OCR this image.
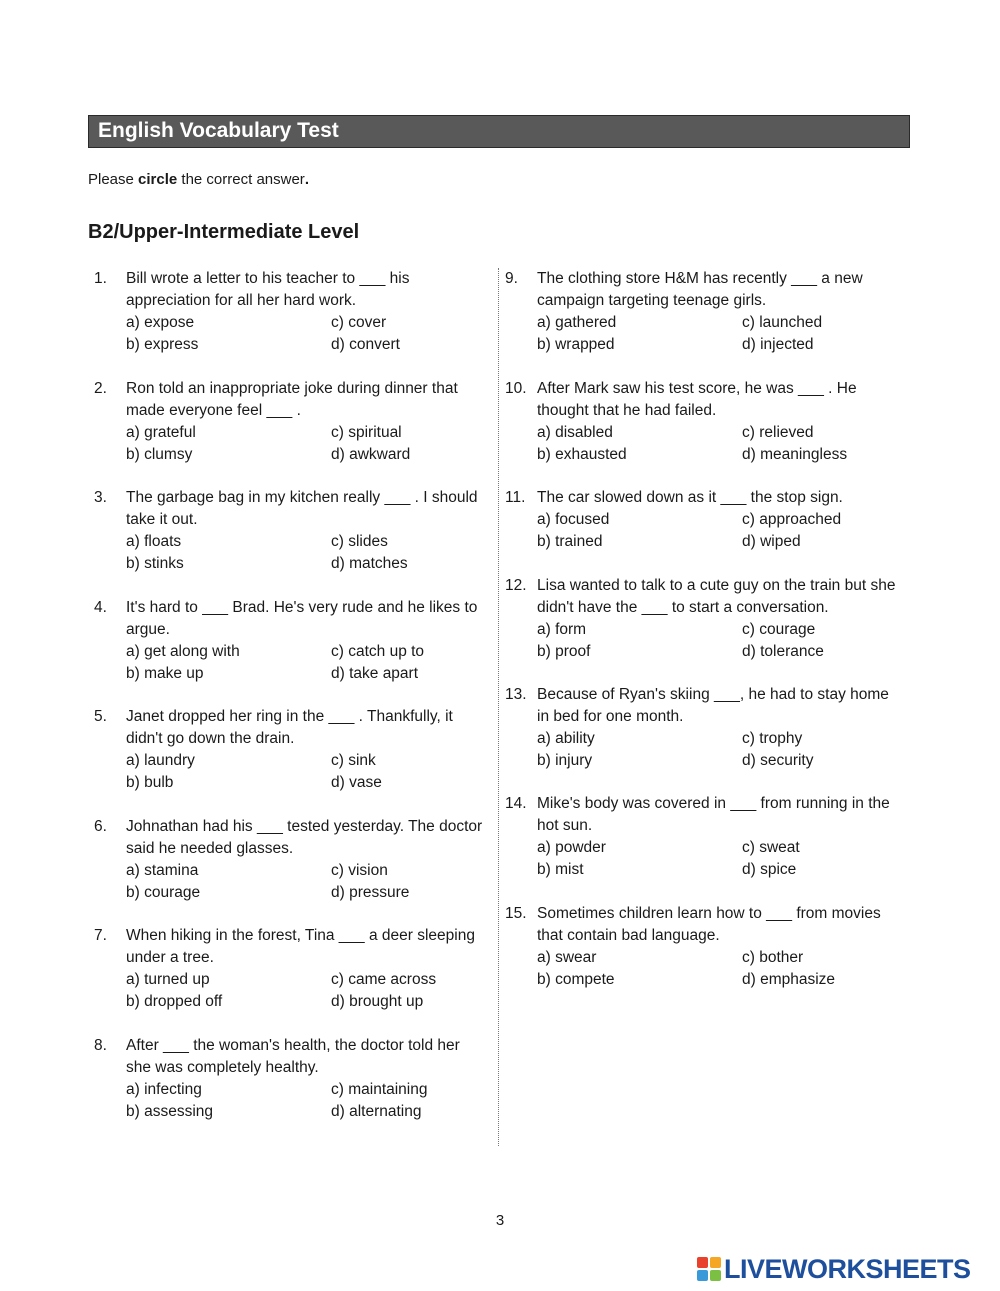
English Vocabulary Test
Please circle the correct answer.
B2/Upper-Intermediate Level
1.	Bill wrote a letter to his teacher to ___ his appreciation for all her hard work.
a) expose	c) cover
b) express	d) convert
2.	Ron told an inappropriate joke during dinner that made everyone feel ___ .
a) grateful	c) spiritual
b) clumsy	d) awkward
3.	The garbage bag in my kitchen really ___ . I should take it out.
a) floats	c) slides
b) stinks	d) matches
4.	It's hard to ___ Brad. He's very rude and he likes to argue.
a) get along with	c) catch up to
b) make up	d) take apart
5.	Janet dropped her ring in the ___ . Thankfully, it didn't go down the drain.
a) laundry	c) sink
b) bulb	d) vase
6.	Johnathan had his ___ tested yesterday. The doctor said he needed glasses.
a) stamina	c) vision
b) courage	d) pressure
7.	When hiking in the forest, Tina ___ a deer sleeping under a tree.
a) turned up	c) came across
b) dropped off	d) brought up
8.	After ___ the woman's health, the doctor told her she was completely healthy.
a) infecting	c) maintaining
b) assessing	d) alternating
9.	The clothing store H&M has recently ___ a new campaign targeting teenage girls.
a) gathered	c) launched
b) wrapped	d) injected
10. After Mark saw his test score, he was ___ . He thought that he had failed.
a) disabled	c) relieved
b) exhausted	d) meaningless
11. The car slowed down as it ___ the stop sign.
a) focused	c) approached
b) trained	d) wiped
12. Lisa wanted to talk to a cute guy on the train but she didn't have the ___ to start a conversation.
a) form	c) courage
b) proof	d) tolerance
13. Because of Ryan's skiing ___, he had to stay home in bed for one month.
a) ability	c) trophy
b) injury	d) security
14. Mike's body was covered in ___ from running in the hot sun.
a) powder	c) sweat
b) mist	d) spice
15. Sometimes children learn how to ___ from movies that contain bad language.
a) swear	c) bother
b) compete	d) emphasize
3
LIVEWORKSHEETS
